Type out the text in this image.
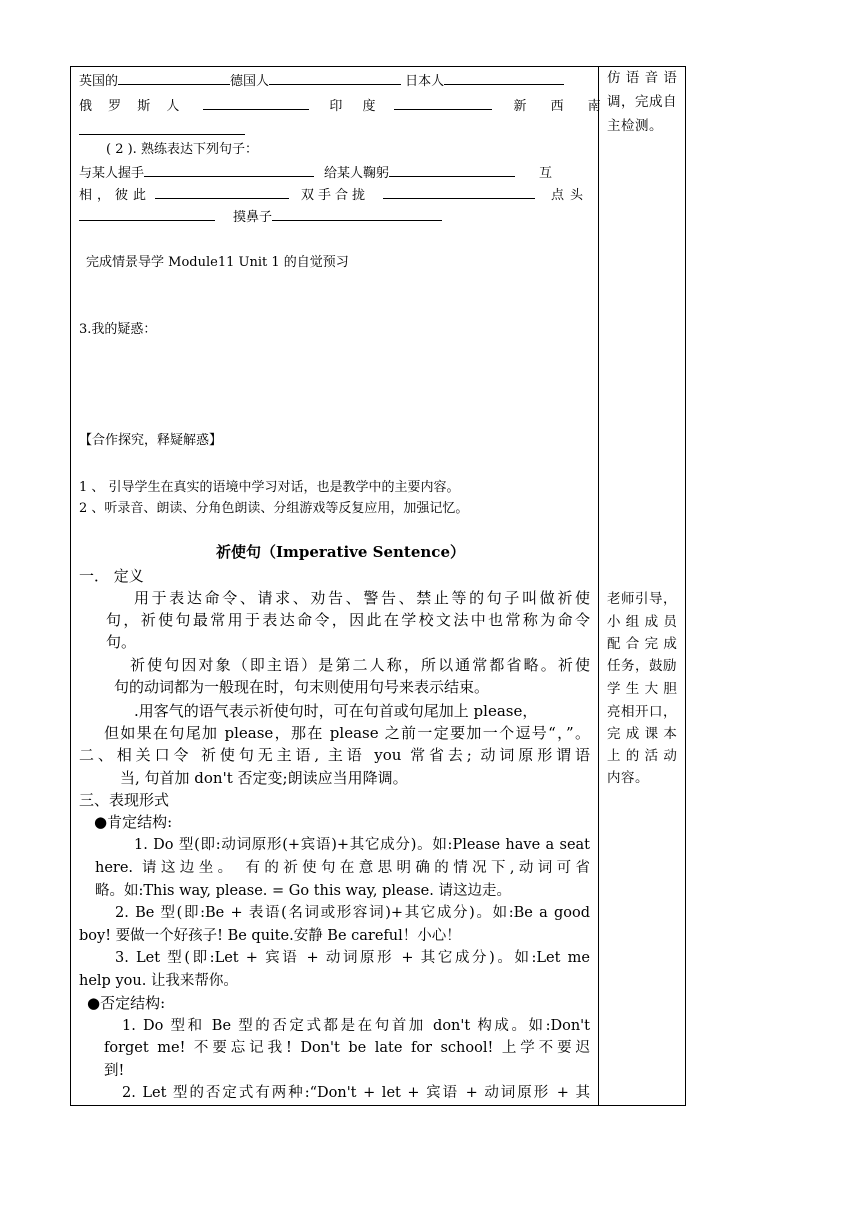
英国的	德国人	日本人
俄 罗 斯 人	印 度	新 西 南
( 2 ). 熟练表达下列句子：
与某人握手	给某人鞠躬	互
相，彼此	双手合拢	点头
摸鼻子
完成情景导学 Module11 Unit 1 的自觉预习
3.我的疑惑：
【合作探究，释疑解惑】
1 、 引导学生在真实的语境中学习对话，也是教学中的主要内容。
2 、听录音、朗读、分角色朗读、分组游戏等反复应用，加强记忆。
祈使句（Imperative Sentence）
一． 定义
用于表达命令、请求、劝告、警告、禁止等的句子叫做祈使
句，祈使句最常用于表达命令，因此在学校文法中也常称为命令
句。
祈使句因对象（即主语）是第二人称，所以通常都省略。祈使
句的动词都为一般现在时，句末则使用句号来表示结束。
.用客气的语气表示祈使句时，可在句首或句尾加上 please，
但如果在句尾加 please，那在 please 之前一定要加一个逗号“，”。
二、相关口令 祈使句无主语, 主语 you 常省去; 动词原形谓语
当, 句首加 don't 否定变;朗读应当用降调。
三、表现形式
●肯定结构:
1. Do 型(即:动词原形(+宾语)+其它成分)。如:Please have a seat
here. 请这边坐。 有的祈使句在意思明确的情况下,动词可省
略。如:This way, please. = Go this way, please. 请这边走。
2. Be 型(即:Be + 表语(名词或形容词)+其它成分)。如:Be a good
boy! 要做一个好孩子! Be quite.安静 Be careful！小心！
3. Let 型(即:Let + 宾语 + 动词原形 + 其它成分)。如:Let me
help you. 让我来帮你。
●否定结构:
1. Do 型和 Be 型的否定式都是在句首加 don't 构成。如:Don't
forget me! 不要忘记我! Don't be late for school! 上学不要迟
到!
2. Let 型的否定式有两种:“Don't + let + 宾语 + 动词原形 + 其
仿 语 音 语
调，完成自
主检测。
老师引导，
小 组 成 员
配 合 完 成
任务，鼓励
学 生 大 胆
亮相开口，
完 成 课 本
上 的 活 动
内容。
